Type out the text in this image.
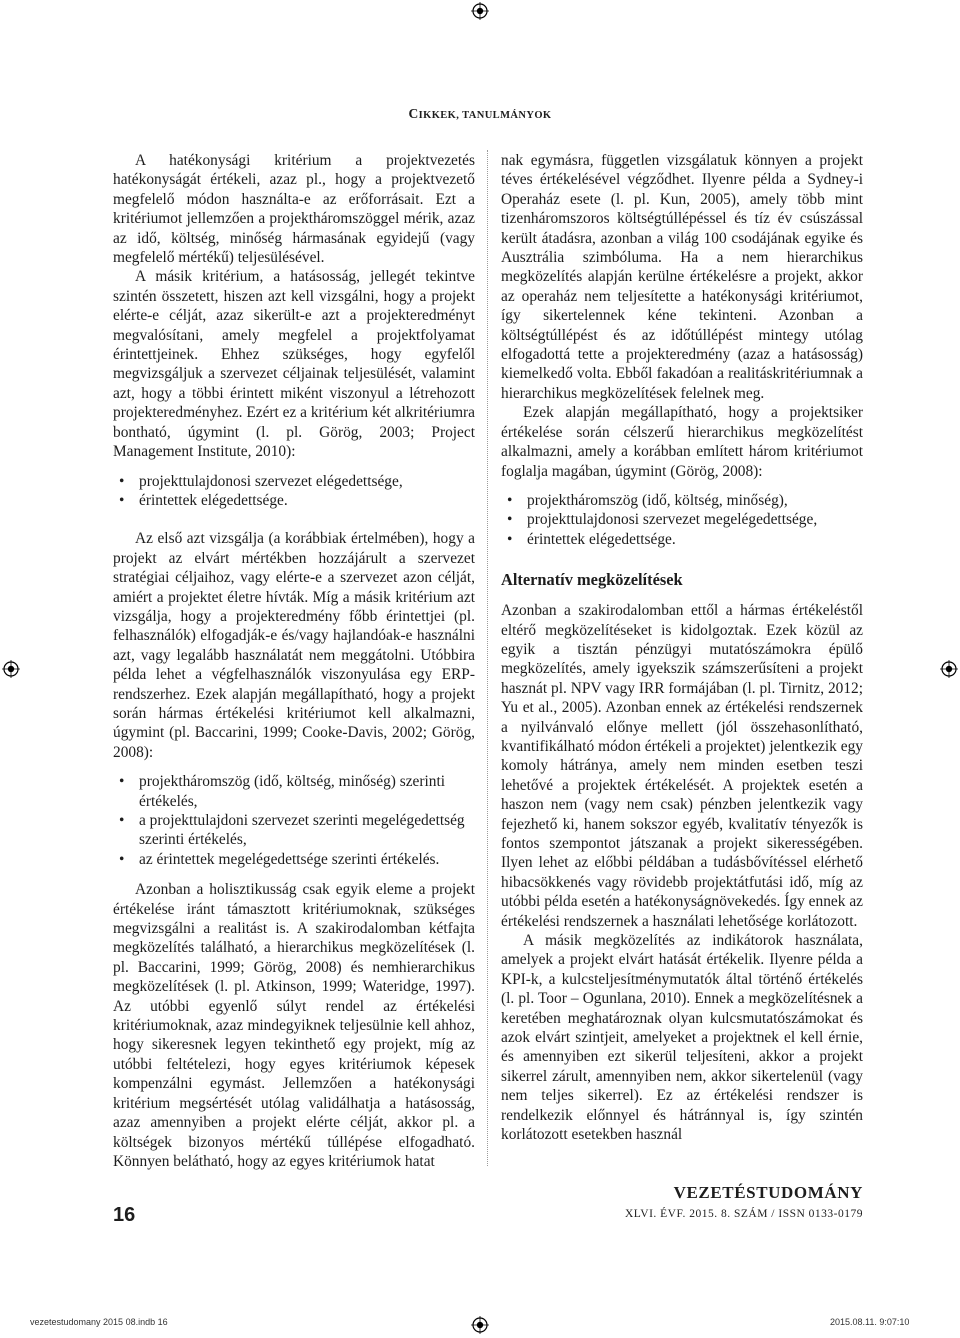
CIKKEK, TANULMÁNYOK

A hatékonysági kritérium a projektvezetés hatékonyságát értékeli, azaz pl., hogy a projektvezető megfelelő módon használta-e az erőforrásait. Ezt a kritériumot jellemzően a projektháromszöggel mérik, azaz az idő, költség, minőség hármasának egyidejű (vagy megfelelő mértékű) teljesülésével.

A másik kritérium, a hatásosság, jellegét tekintve szintén összetett, hiszen azt kell vizsgálni, hogy a projekt elérte-e célját, azaz sikerült-e azt a projekteredményt megvalósítani, amely megfelel a projektfolyamat érintettjeinek. Ehhez szükséges, hogy egyfelől megvizsgáljuk a szervezet céljainak teljesülését, valamint azt, hogy a többi érintett miként viszonyul a létrehozott projekteredményhez. Ezért ez a kritérium két alkritériumra bontható, úgymint (l. pl. Görög, 2003; Project Management Institute, 2010):

• projekttulajdonosi szervezet elégedettsége,
• érintettek elégedettsége.

Az első azt vizsgálja (a korábbiak értelmében), hogy a projekt az elvárt mértékben hozzájárult a szervezet stratégiai céljaihoz, vagy elérte-e a szervezet azon célját, amiért a projektet életre hívták. Míg a másik kritérium azt vizsgálja, hogy a projekteredmény főbb érintettjei (pl. felhasználók) elfogadják-e és/vagy hajlandóak-e használni azt, vagy legalább használatát nem meggátolni. Utóbbira példa lehet a végfelhasználók viszonyulása egy ERP-rendszerhez. Ezek alapján megállapítható, hogy a projekt során hármas értékelési kritériumot kell alkalmazni, úgymint (pl. Baccarini, 1999; Cooke-Davis, 2002; Görög, 2008):

• projektháromszög (idő, költség, minőség) szerinti értékelés,
• a projekttulajdoni szervezet szerinti megelégedettség szerinti értékelés,
• az érintettek megelégedettsége szerinti értékelés.

Azonban a holisztikusság csak egyik eleme a projekt értékelése iránt támasztott kritériumoknak, szükséges megvizsgálni a realitást is. A szakirodalomban kétfajta megközelítés található, a hierarchikus megközelítések (l. pl. Baccarini, 1999; Görög, 2008) és nemhierarchikus megközelítések (l. pl. Atkinson, 1999; Wateridge, 1997). Az utóbbi egyenlő súlyt rendel az értékelési kritériumoknak, azaz mindegyiknek teljesülnie kell ahhoz, hogy sikeresnek legyen tekinthető egy projekt, míg az utóbbi feltételezi, hogy egyes kritériumok képesek kompenzálni egymást. Jellemzően a hatékonysági kritérium megsértését utólag validálhatja a hatásosság, azaz amennyiben a projekt elérte célját, akkor pl. a költségek bizonyos mértékű túllépése elfogadható. Könnyen belátható, hogy az egyes kritériumok hatat

nak egymásra, független vizsgálatuk könnyen a projekt téves értékelésével végződhet. Ilyenre példa a Sydney-i Operaház esete (l. pl. Kun, 2005), amely több mint tizenháromszoros költségtúllépéssel és tíz év csúszással került átadásra, azonban a világ 100 csodájának egyike és Ausztrália szimbóluma. Ha a nem hierarchikus megközelítés alapján kerülne értékelésre a projekt, akkor az operaház nem teljesítette a hatékonysági kritériumot, így sikertelennek kéne tekinteni. Azonban a költségtúllépést és az időtúllépést mintegy utólag elfogadottá tette a projekteredmény (azaz a hatásosság) kiemelkedő volta. Ebből fakadóan a realitáskritériumnak a hierarchikus megközelítések felelnek meg.

Ezek alapján megállapítható, hogy a projektsiker értékelése során célszerű hierarchikus megközelítést alkalmazni, amely a korábban említett három kritériumot foglalja magában, úgymint (Görög, 2008):

• projektháromszög (idő, költség, minőség),
• projekttulajdonosi szervezet megelégedettsége,
• érintettek elégedettsége.
Alternatív megközelítések

Azonban a szakirodalomban ettől a hármas értékeléstől eltérő megközelítéseket is kidolgoztak. Ezek közül az egyik a tisztán pénzügyi mutatószámokra épülő megközelítés, amely igyekszik számszerűsíteni a projekt hasznát pl. NPV vagy IRR formájában (l. pl. Tirnitz, 2012; Yu et al., 2005). Azonban ennek az értékelési rendszernek a nyilvánvaló előnye mellett (jól összehasonlítható, kvantifikálható módon értékeli a projektet) jelentkezik egy komoly hátránya, amely nem minden esetben teszi lehetővé a projektek értékelését. A projektek esetén a haszon nem (vagy nem csak) pénzben jelentkezik vagy fejezhető ki, hanem sokszor egyéb, kvalitatív tényezők is fontos szempontot játszanak a projekt sikerességében. Ilyen lehet az előbbi példában a tudásbővítéssel elérhető hibacsökkenés vagy rövidebb projektátfutási idő, míg az utóbbi példa esetén a hatékonyságnövekedés. Így ennek az értékelési rendszernek a használati lehetősége korlátozott.

A másik megközelítés az indikátorok használata, amelyek a projekt elvárt hatását értékelik. Ilyenre példa a KPI-k, a kulcsteljesítménymutatók által történő értékelés (l. pl. Toor – Ogunlana, 2010). Ennek a megközelítésnek a keretében meghatároznak olyan kulcsmutatószámokat és azok elvárt szintjeit, amelyeket a projektnek el kell érnie, és amennyiben ezt sikerül teljesíteni, akkor a projekt sikerrel zárult, amennyiben nem, akkor sikertelenül (vagy nem teljes sikerrel). Ez az értékelési rendszer is rendelkezik előnnyel és hátránnyal is, így szintén korlátozott esetekben használ

16
VEZETÉSTUDOMÁNY
XLVI. ÉVF. 2015. 8. SZÁM / ISSN 0133-0179
vezetestudomany 2015 08.indb 16	2015.08.11. 9:07:10
